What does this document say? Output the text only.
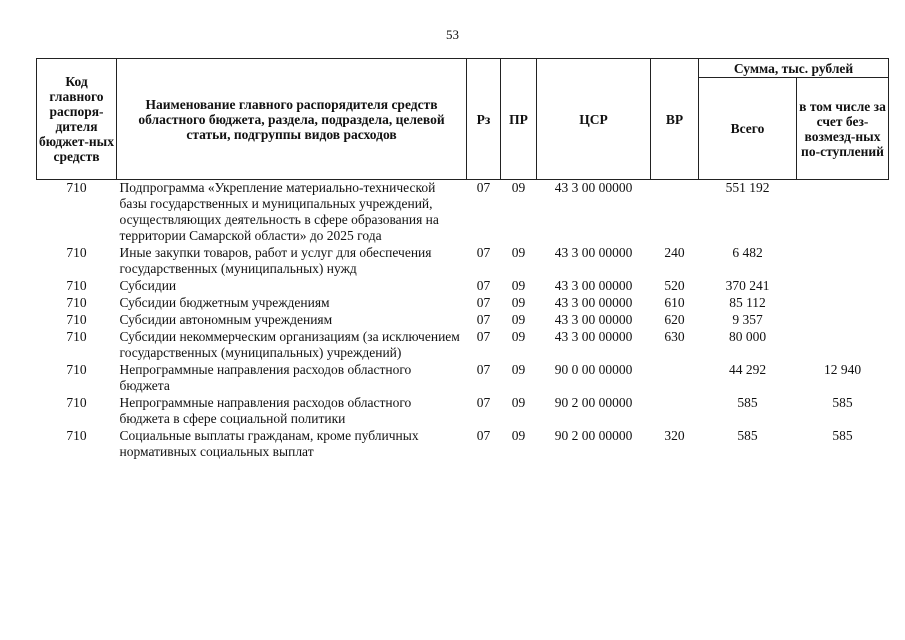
53
Код главного распоря-дителя бюджет-ных средств	Наименование главного распорядителя средств областного бюджета, раздела, подраздела, целевой статьи, подгруппы видов расходов	Рз	ПР	ЦСР	ВР	Сумма, тыс. рублей	
						Всего	в том числе за счет без-возмезд-ных по-ступлений
710	Подпрограмма «Укрепление материально-технической базы государственных и муниципальных учреждений, осуществляющих деятельность в сфере образования на территории Самарской области» до 2025 года	07	09	43 3 00 00000		551 192	
710	Иные закупки товаров, работ и услуг для обеспечения государственных (муниципальных) нужд	07	09	43 3 00 00000	240	6 482	
710	Субсидии	07	09	43 3 00 00000	520	370 241	
710	Субсидии бюджетным учреждениям	07	09	43 3 00 00000	610	85 112	
710	Субсидии автономным учреждениям	07	09	43 3 00 00000	620	9 357	
710	Субсидии некоммерческим организациям (за исключением государственных (муниципальных) учреждений)	07	09	43 3 00 00000	630	80 000	
710	Непрограммные направления расходов областного бюджета	07	09	90 0 00 00000		44 292	12 940
710	Непрограммные направления расходов областного бюджета в сфере социальной политики	07	09	90 2 00 00000		585	585
710	Социальные выплаты гражданам, кроме публичных нормативных социальных выплат	07	09	90 2 00 00000	320	585	585
